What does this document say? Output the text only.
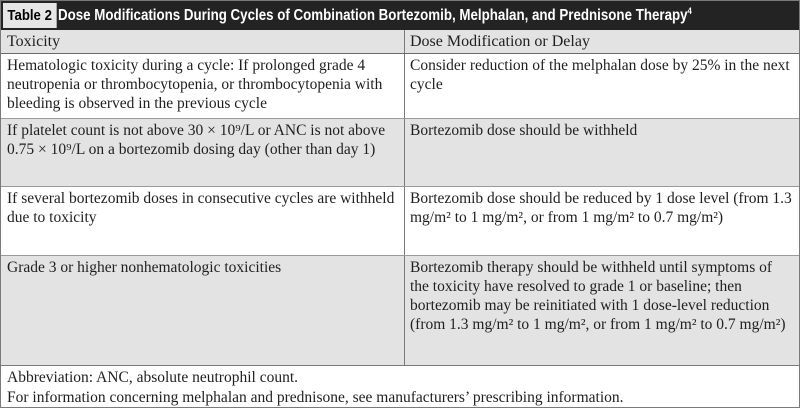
Table 2 Dose Modifications During Cycles of Combination Bortezomib, Melphalan, and Prednisone Therapy$^4$
Toxicity	Dose Modification or Delay
Hematologic toxicity during a cycle: If prolonged grade 4 neutropenia or thrombocytopenia, or thrombocytopenia with bleeding is observed in the previous cycle
Consider reduction of the melphalan dose by 25% in the next cycle
If platelet count is not above 30 × 10⁹/L or ANC is not above 0.75 × 10⁹/L on a bortezomib dosing day (other than day 1)
Bortezomib dose should be withheld
If several bortezomib doses in consecutive cycles are withheld due to toxicity
Bortezomib dose should be reduced by 1 dose level (from 1.3 mg/m² to 1 mg/m², or from 1 mg/m² to 0.7 mg/m²)
Grade 3 or higher nonhematologic toxicities	Bortezomib therapy should be withheld until symptoms of the toxicity have resolved to grade 1 or baseline; then bortezomib may be reinitiated with 1 dose-level reduction (from 1.3 mg/m² to 1 mg/m², or from 1 mg/m² to 0.7 mg/m²)
Abbreviation: ANC, absolute neutrophil count.
For information concerning melphalan and prednisone, see manufacturers’ prescribing information.
